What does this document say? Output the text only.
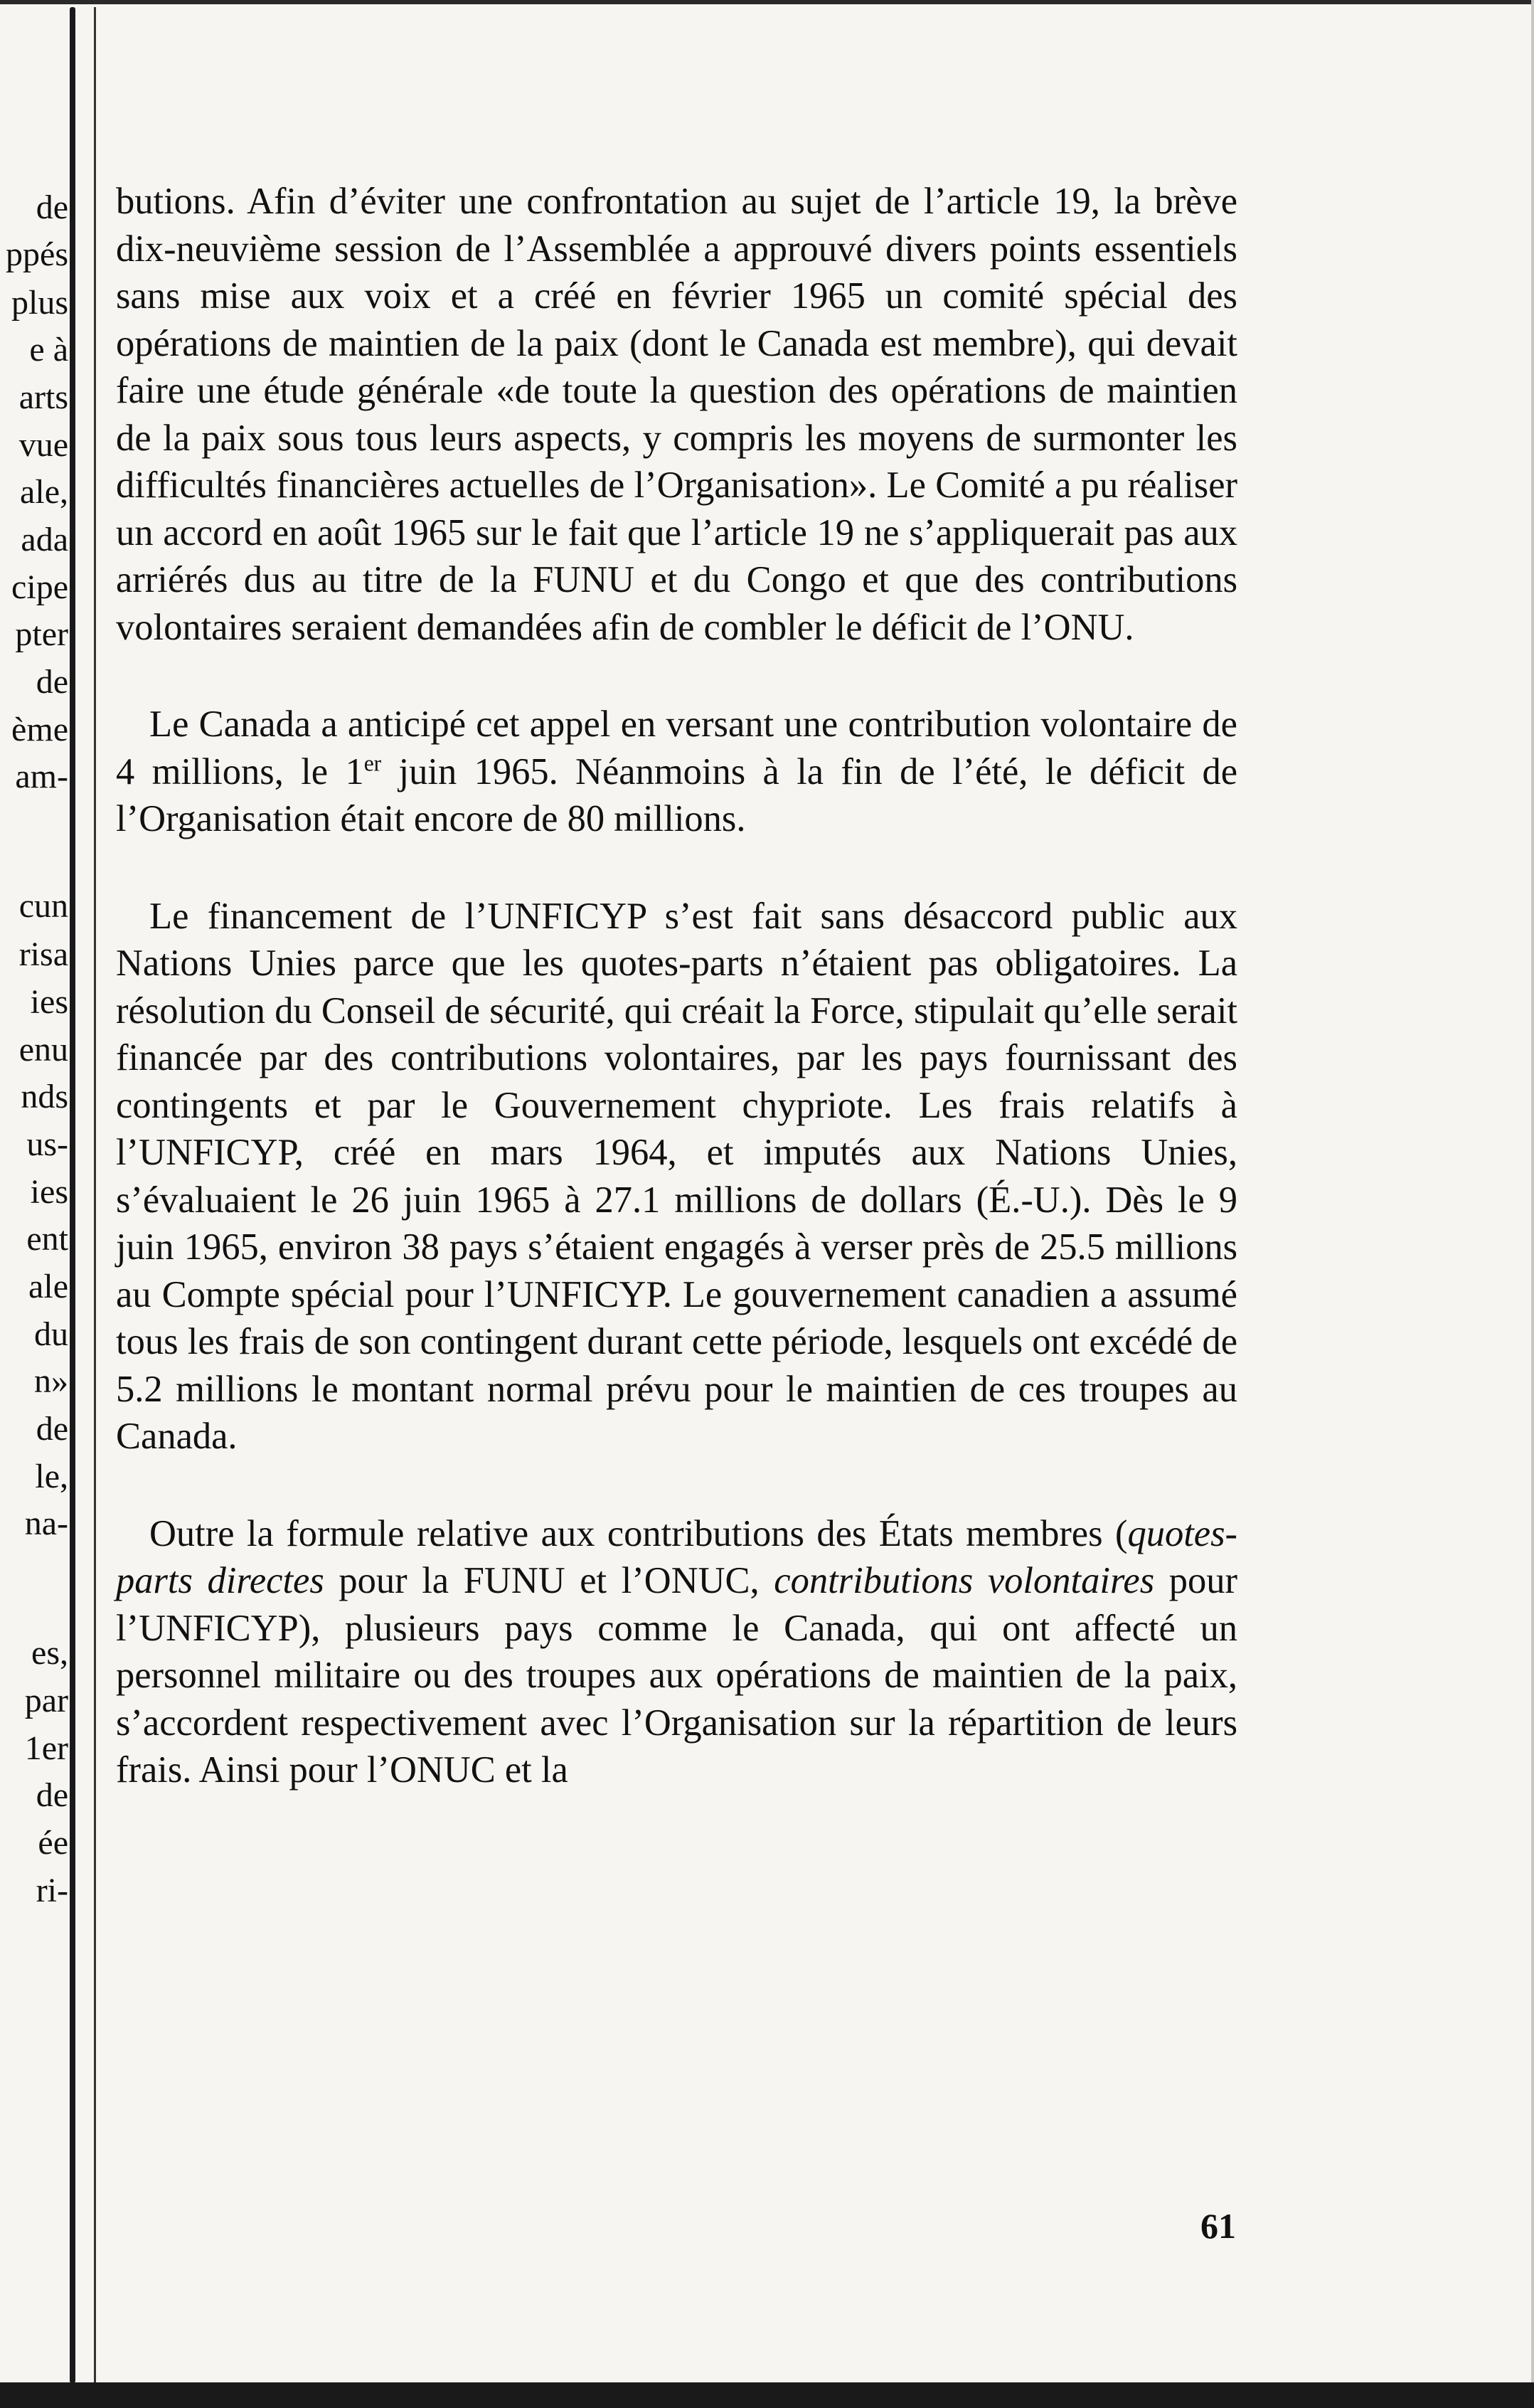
de
ppés
plus
e à
arts
vue
ale,
ada
cipe
pter
de
ème
am-
cun
risa
ies
enu
nds
us-
ies
ent
ale
du
n»
de
le,
na-
es,
par
1er
de
ée
ri-

butions. Afin d’éviter une confrontation au sujet de l’article 19, la brève dix-neuvième session de l’Assemblée a approuvé divers points essentiels sans mise aux voix et a créé en février 1965 un comité spécial des opérations de maintien de la paix (dont le Canada est membre), qui devait faire une étude générale «de toute la question des opérations de maintien de la paix sous tous leurs aspects, y compris les moyens de surmonter les difficultés financières actuelles de l’Organisation». Le Comité a pu réaliser un accord en août 1965 sur le fait que l’article 19 ne s’appliquerait pas aux arriérés dus au titre de la FUNU et du Congo et que des contributions volontaires seraient demandées afin de combler le déficit de l’ONU.

Le Canada a anticipé cet appel en versant une contribution volontaire de 4 millions, le 1er juin 1965. Néanmoins à la fin de l’été, le déficit de l’Organisation était encore de 80 millions.

Le financement de l’UNFICYP s’est fait sans désaccord public aux Nations Unies parce que les quotes-parts n’étaient pas obligatoires. La résolution du Conseil de sécurité, qui créait la Force, stipulait qu’elle serait financée par des contributions volontaires, par les pays fournissant des contingents et par le Gouvernement chypriote. Les frais relatifs à l’UNFICYP, créé en mars 1964, et imputés aux Nations Unies, s’évaluaient le 26 juin 1965 à 27.1 millions de dollars (É.-U.). Dès le 9 juin 1965, environ 38 pays s’étaient engagés à verser près de 25.5 millions au Compte spécial pour l’UNFICYP. Le gouvernement canadien a assumé tous les frais de son contingent durant cette période, lesquels ont excédé de 5.2 millions le montant normal prévu pour le maintien de ces troupes au Canada.

Outre la formule relative aux contributions des États membres (quotes-parts directes pour la FUNU et l’ONUC, contributions volontaires pour l’UNFICYP), plusieurs pays comme le Canada, qui ont affecté un personnel militaire ou des troupes aux opérations de maintien de la paix, s’accordent respectivement avec l’Organisation sur la répartition de leurs frais. Ainsi pour l’ONUC et la

61
